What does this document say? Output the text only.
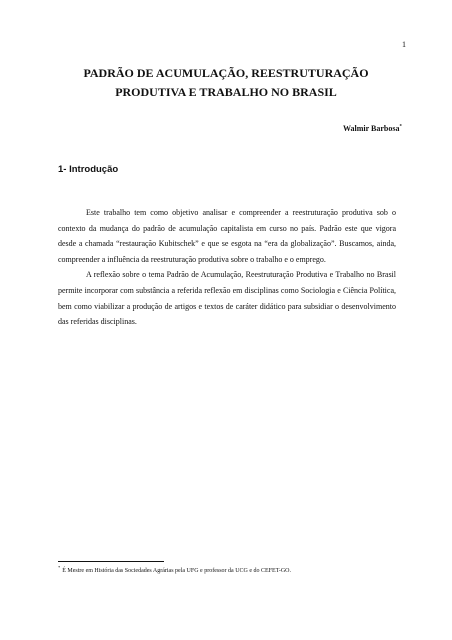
1
PADRÃO DE ACUMULAÇÃO, REESTRUTURAÇÃO
PRODUTIVA E TRABALHO NO BRASIL
Walmir Barbosa*
1- Introdução

Este trabalho tem como objetivo analisar e compreender a reestruturação produtiva sob o contexto da mudança do padrão de acumulação capitalista em curso no país. Padrão este que vigora desde a chamada “restauração Kubitschek” e que se esgota na “era da globalização”. Buscamos, ainda, compreender a influência da reestruturação produtiva sobre o trabalho e o emprego.

A reflexão sobre o tema Padrão de Acumulação, Reestruturação Produtiva e Trabalho no Brasil permite incorporar com substância a referida reflexão em disciplinas como Sociologia e Ciência Política, bem como viabilizar a produção de artigos e textos de caráter didático para subsidiar o desenvolvimento das referidas disciplinas.

*É Mestre em História das Sociedades Agrárias pela UFG e professor da UCG e do CEFET-GO.
